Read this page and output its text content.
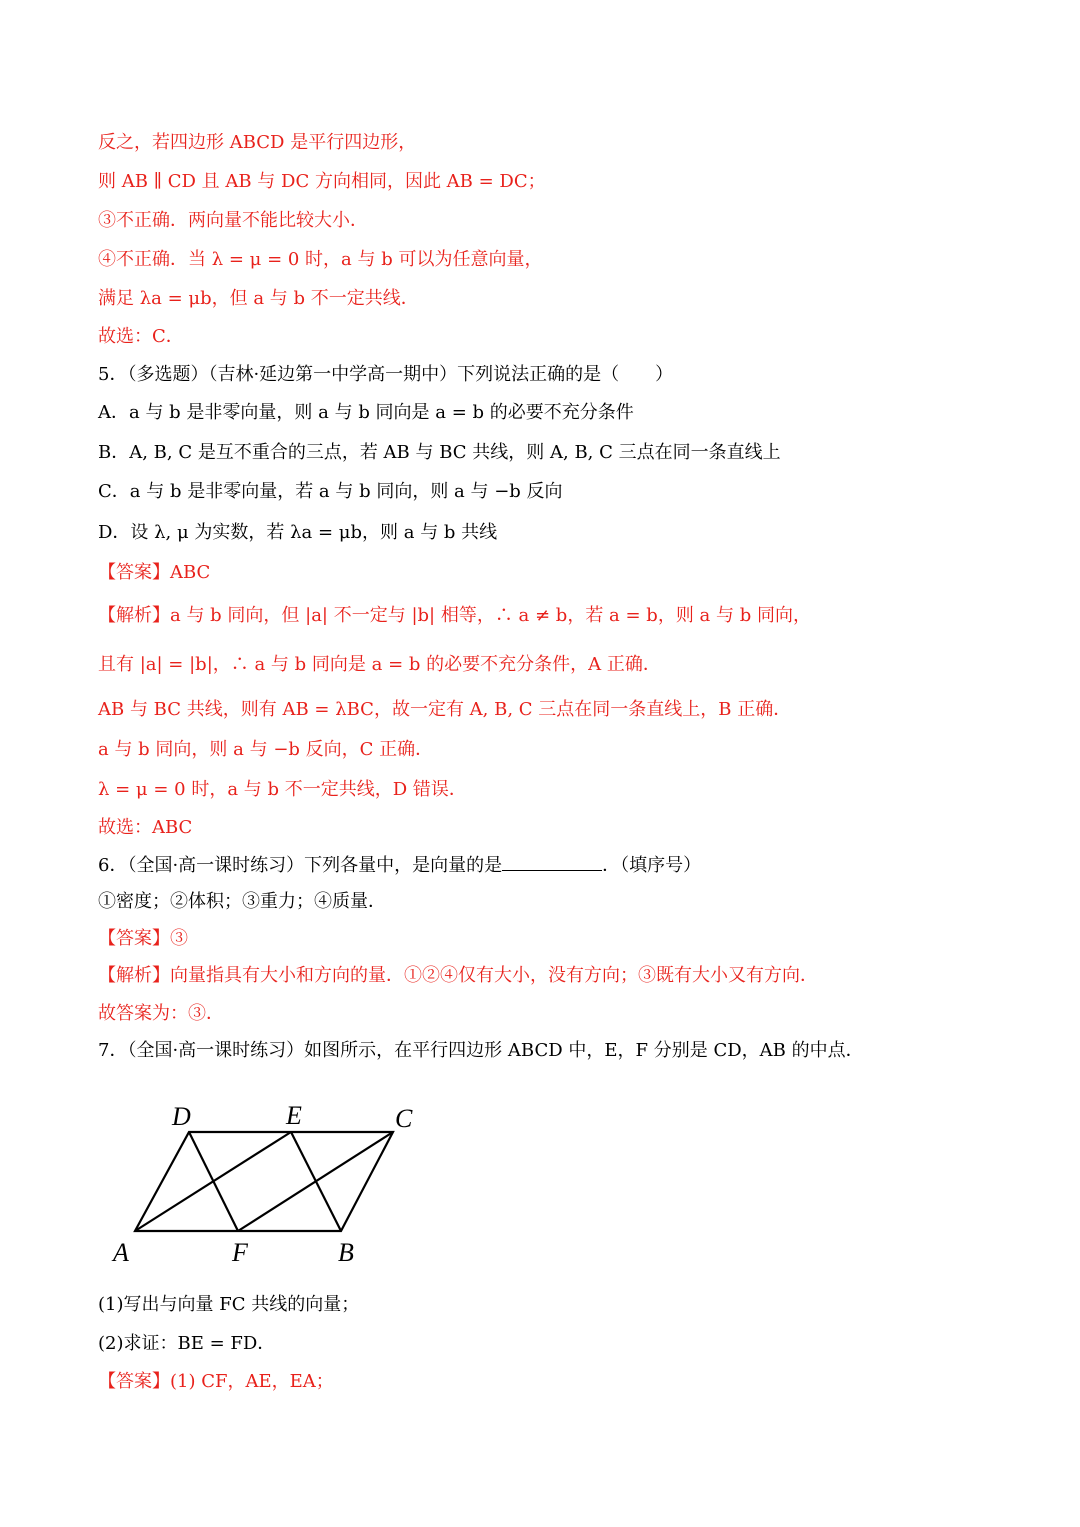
反之，若四边形 ABCD 是平行四边形，
则 AB ∥ CD 且 AB 与 DC 方向相同，因此 AB = DC；
③不正确．两向量不能比较大小．
④不正确．当 λ = μ = 0 时，a 与 b 可以为任意向量，
满足 λa = μb，但 a 与 b 不一定共线．
故选：C．
5．（多选题）（吉林·延边第一中学高一期中）下列说法正确的是（　　）
A．a 与 b 是非零向量，则 a 与 b 同向是 a = b 的必要不充分条件
B．A, B, C 是互不重合的三点，若 AB 与 BC 共线，则 A, B, C 三点在同一条直线上
C．a 与 b 是非零向量，若 a 与 b 同向，则 a 与 −b 反向
D．设 λ, μ 为实数，若 λa = μb，则 a 与 b 共线
【答案】ABC
【解析】a 与 b 同向，但 |a| 不一定与 |b| 相等，∴ a ≠ b，若 a = b，则 a 与 b 同向，
且有 |a| = |b|，∴ a 与 b 同向是 a = b 的必要不充分条件，A 正确．
AB 与 BC 共线，则有 AB = λBC，故一定有 A, B, C 三点在同一条直线上，B 正确．
a 与 b 同向，则 a 与 −b 反向，C 正确．
λ = μ = 0 时，a 与 b 不一定共线，D 错误．
故选：ABC
6．（全国·高一课时练习）下列各量中，是向量的是	．（填序号）
①密度；②体积；③重力；④质量．
【答案】③
【解析】向量指具有大小和方向的量．①②④仅有大小，没有方向；③既有大小又有方向．
故答案为：③．
7．（全国·高一课时练习）如图所示，在平行四边形 ABCD 中，E，F 分别是 CD，AB 的中点．
D	E	C
A	F	B
(1)写出与向量 FC 共线的向量；
(2)求证：BE = FD．
【答案】(1) CF，AE，EA；
